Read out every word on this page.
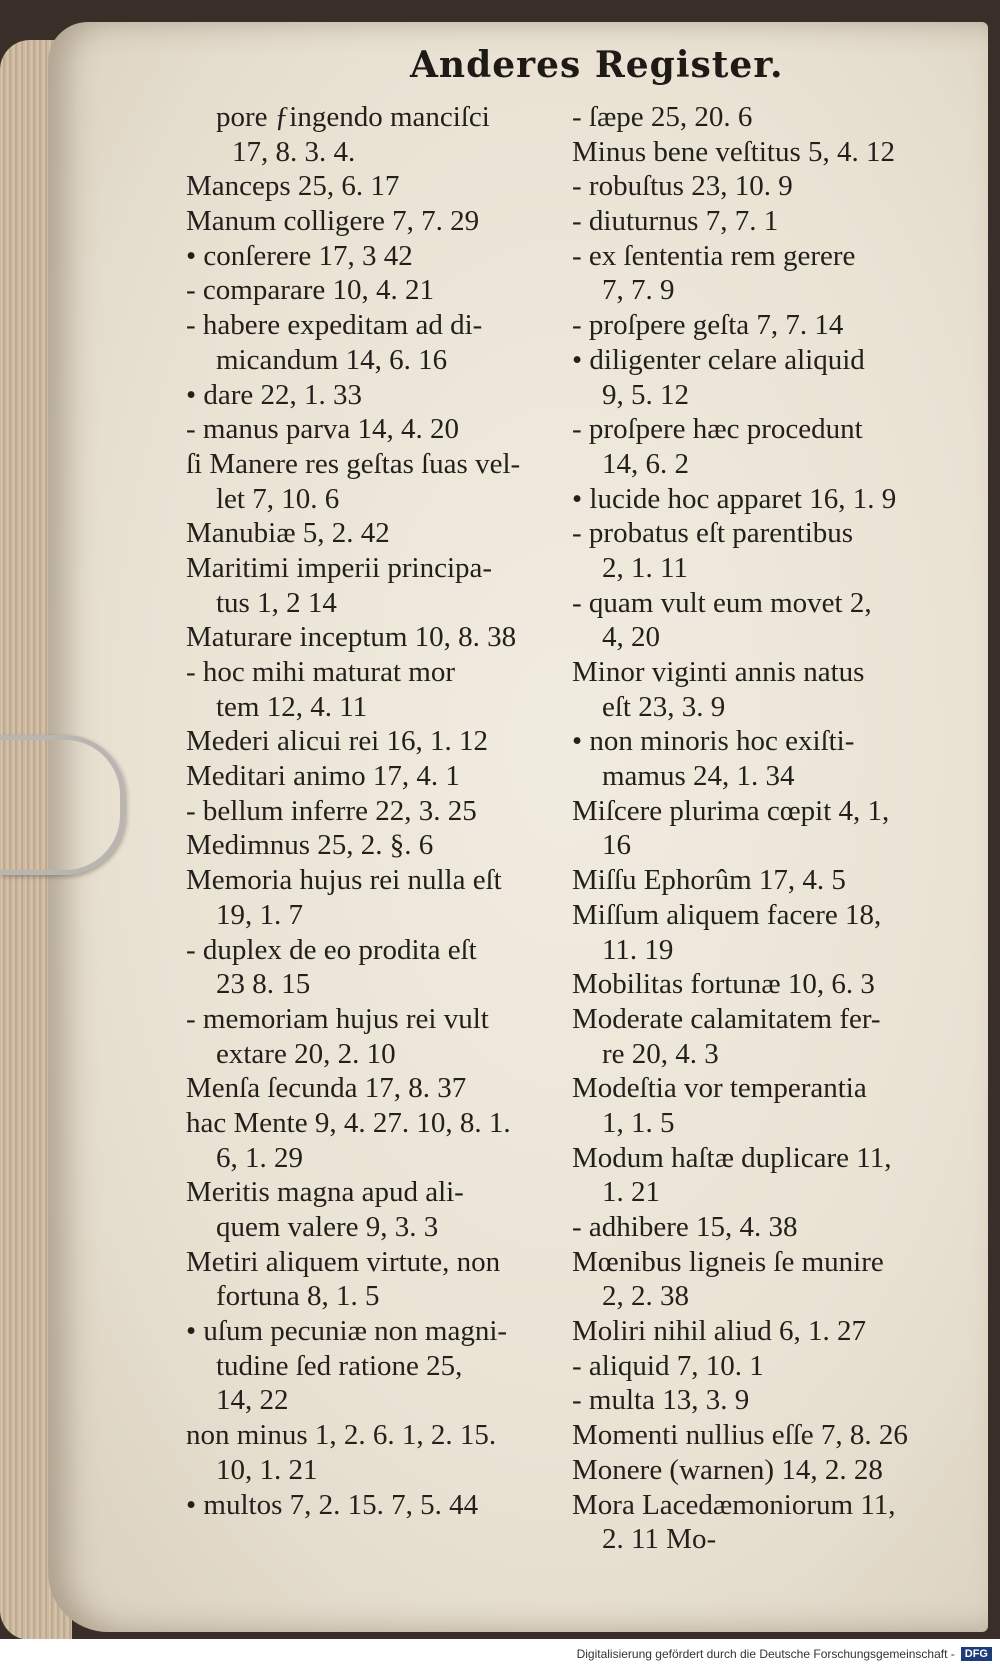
Anderes Register.
pore ƒingendo manciſci
17, 8. 3. 4.
Manceps 25, 6. 17
Manum colligere 7, 7. 29
• conſerere 17, 3 42
- comparare 10, 4. 21
- habere expeditam ad di-
micandum 14, 6. 16
• dare 22, 1. 33
- manus parva 14, 4. 20
ſi Manere res geſtas ſuas vel-
let 7, 10. 6
Manubiæ 5, 2. 42
Maritimi imperii principa-
tus 1, 2 14
Maturare inceptum 10, 8. 38
- hoc mihi maturat mor
tem 12, 4. 11
Mederi alicui rei 16, 1. 12
Meditari animo 17, 4. 1
- bellum inferre 22, 3. 25
Medimnus 25, 2. §. 6
Memoria hujus rei nulla eſt
19, 1. 7
- duplex de eo prodita eſt
23 8. 15
- memoriam hujus rei vult
extare 20, 2. 10
Menſa ſecunda 17, 8. 37
hac Mente 9, 4. 27. 10, 8. 1.
6, 1. 29
Meritis magna apud ali-
quem valere 9, 3. 3
Metiri aliquem virtute, non
fortuna 8, 1. 5
• uſum pecuniæ non magni-
tudine ſed ratione 25,
14, 22
non minus 1, 2. 6. 1, 2. 15.
10, 1. 21
• multos 7, 2. 15. 7, 5. 44
- ſæpe 25, 20. 6
Minus bene veſtitus 5, 4. 12
- robuſtus 23, 10. 9
- diuturnus 7, 7. 1
- ex ſententia rem gerere
7, 7. 9
- proſpere geſta 7, 7. 14
• diligenter celare aliquid
9, 5. 12
- proſpere hæc procedunt
14, 6. 2
• lucide hoc apparet 16, 1. 9
- probatus eſt parentibus
2, 1. 11
- quam vult eum movet 2,
4, 20
Minor viginti annis natus
eſt 23, 3. 9
• non minoris hoc exiſti-
mamus 24, 1. 34
Miſcere plurima cœpit 4, 1,
16
Miſſu Ephorûm 17, 4. 5
Miſſum aliquem facere 18,
11. 19
Mobilitas fortunæ 10, 6. 3
Moderate calamitatem fer-
re 20, 4. 3
Modeſtia vor temperantia
1, 1. 5
Modum haſtæ duplicare 11,
1. 21
- adhibere 15, 4. 38
Mœnibus ligneis ſe munire
2, 2. 38
Moliri nihil aliud 6, 1. 27
- aliquid 7, 10. 1
- multa 13, 3. 9
Momenti nullius eſſe 7, 8. 26
Monere (warnen) 14, 2. 28
Mora Lacedæmoniorum 11,
2. 11 Mo-
Digitalisierung gefördert durch die Deutsche Forschungsgemeinschaft - DFG
